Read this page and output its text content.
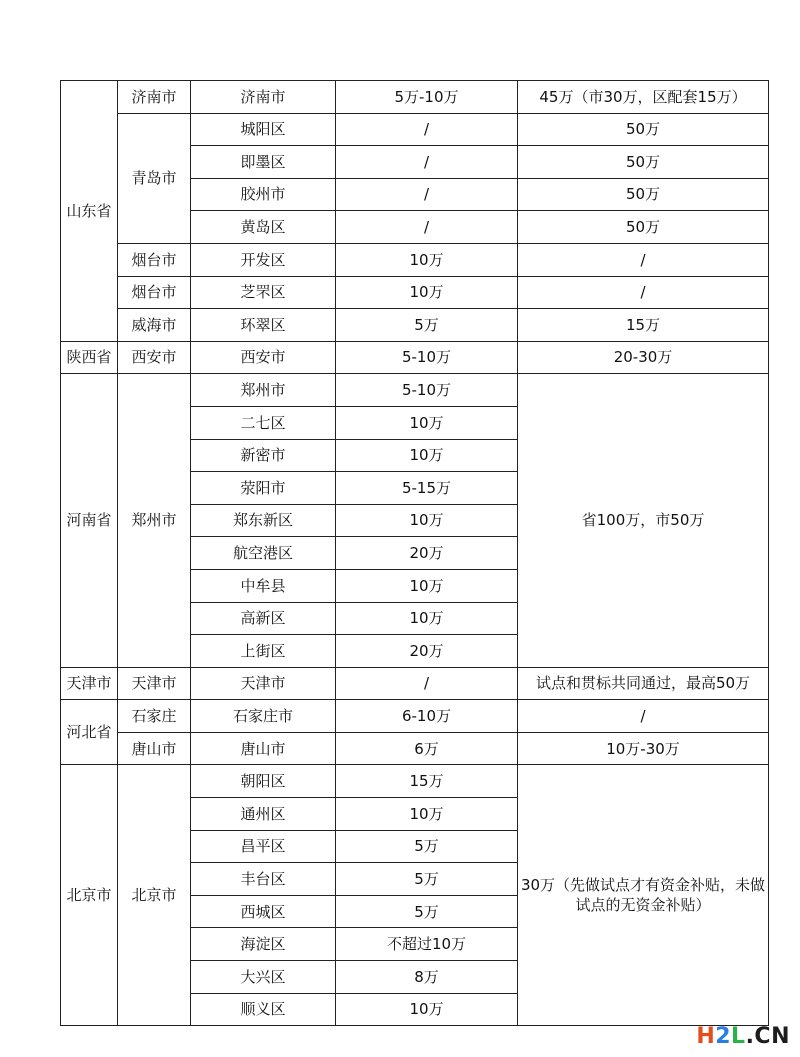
山东省	济南市	济南市	5万-10万	45万（市30万，区配套15万）
	青岛市	城阳区	/	50万
		即墨区	/	50万
		胶州市	/	50万
		黄岛区	/	50万
	烟台市	开发区	10万	/
	烟台市	芝罘区	10万	/
	威海市	环翠区	5万	15万
陕西省	西安市	西安市	5-10万	20-30万
河南省	郑州市	郑州市	5-10万	省100万，市50万
		二七区	10万	
		新密市	10万	
		荥阳市	5-15万	
		郑东新区	10万	
		航空港区	20万	
		中牟县	10万	
		高新区	10万	
		上街区	20万	
天津市	天津市	天津市	/	试点和贯标共同通过，最高50万
河北省	石家庄	石家庄市	6-10万	/
	唐山市	唐山市	6万	10万-30万
北京市	北京市	朝阳区	15万	30万（先做试点才有资金补贴，未做试点的无资金补贴）
		通州区	10万	
		昌平区	5万	
		丰台区	5万	
		西城区	5万	
		海淀区	不超过10万	
		大兴区	8万	
		顺义区	10万	
H2L.CN
